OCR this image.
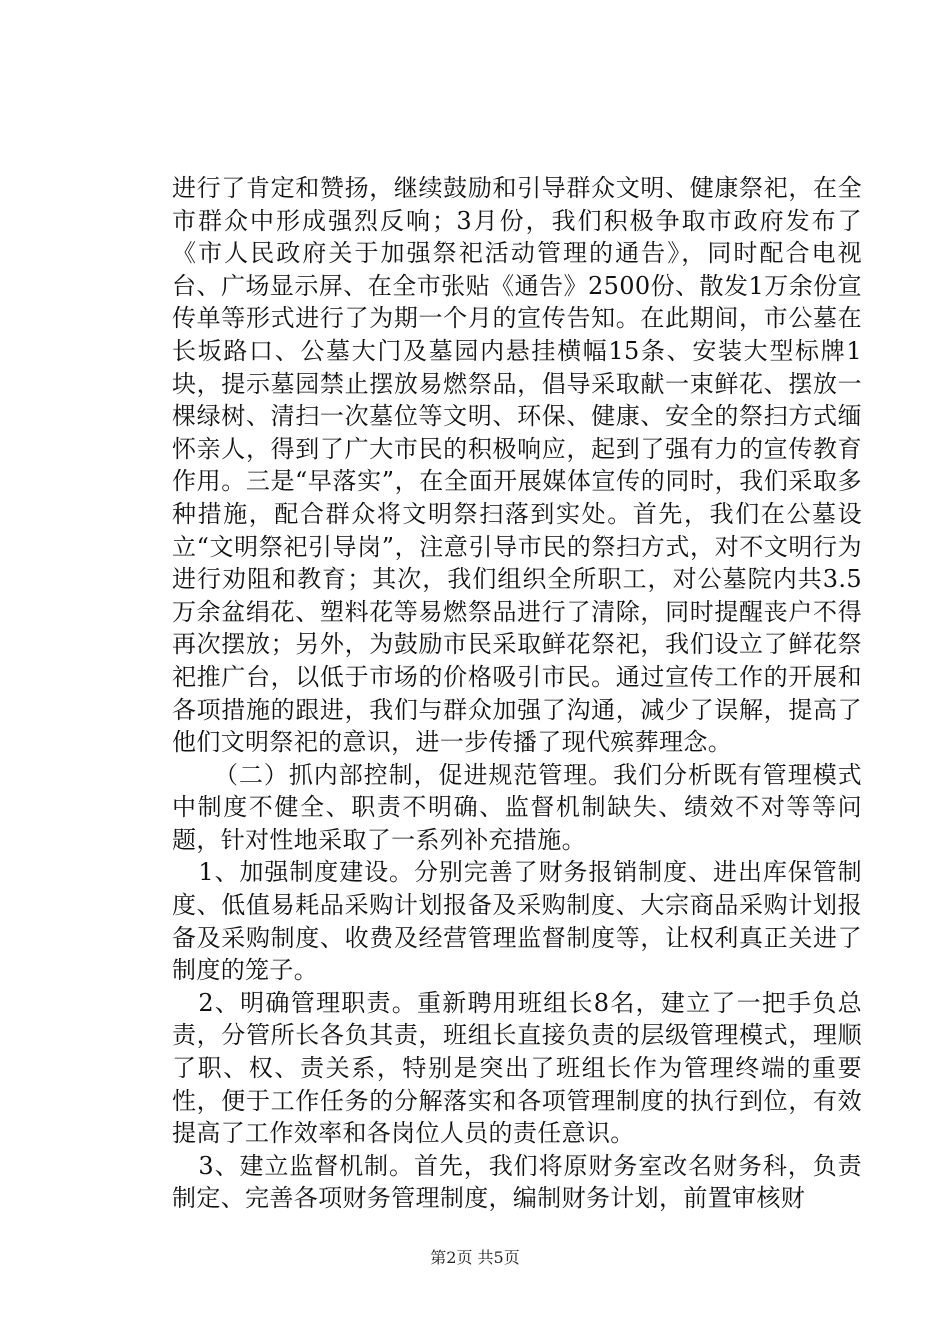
进行了肯定和赞扬，继续鼓励和引导群众文明、健康祭祀，在全市群众中形成强烈反响；3月份，我们积极争取市政府发布了《市人民政府关于加强祭祀活动管理的通告》，同时配合电视台、广场显示屏、在全市张贴《通告》2500份、散发1万余份宣传单等形式进行了为期一个月的宣传告知。在此期间，市公墓在长坂路口、公墓大门及墓园内悬挂横幅15条、安装大型标牌1块，提示墓园禁止摆放易燃祭品，倡导采取献一束鲜花、摆放一棵绿树、清扫一次墓位等文明、环保、健康、安全的祭扫方式缅怀亲人，得到了广大市民的积极响应，起到了强有力的宣传教育作用。三是“早落实”，在全面开展媒体宣传的同时，我们采取多种措施，配合群众将文明祭扫落到实处。首先，我们在公墓设立“文明祭祀引导岗”，注意引导市民的祭扫方式，对不文明行为进行劝阻和教育；其次，我们组织全所职工，对公墓院内共3.5万余盆绢花、塑料花等易燃祭品进行了清除，同时提醒丧户不得再次摆放；另外，为鼓励市民采取鲜花祭祀，我们设立了鲜花祭祀推广台，以低于市场的价格吸引市民。通过宣传工作的开展和各项措施的跟进，我们与群众加强了沟通，减少了误解，提高了他们文明祭祀的意识，进一步传播了现代殡葬理念。

（二）抓内部控制，促进规范管理。我们分析既有管理模式中制度不健全、职责不明确、监督机制缺失、绩效不对等等问题，针对性地采取了一系列补充措施。

1、加强制度建设。分别完善了财务报销制度、进出库保管制度、低值易耗品采购计划报备及采购制度、大宗商品采购计划报备及采购制度、收费及经营管理监督制度等，让权利真正关进了制度的笼子。

2、明确管理职责。重新聘用班组长8名，建立了一把手负总责，分管所长各负其责，班组长直接负责的层级管理模式，理顺了职、权、责关系，特别是突出了班组长作为管理终端的重要性，便于工作任务的分解落实和各项管理制度的执行到位，有效提高了工作效率和各岗位人员的责任意识。

3、建立监督机制。首先，我们将原财务室改名财务科，负责制定、完善各项财务管理制度，编制财务计划，前置审核财

第2页 共5页
